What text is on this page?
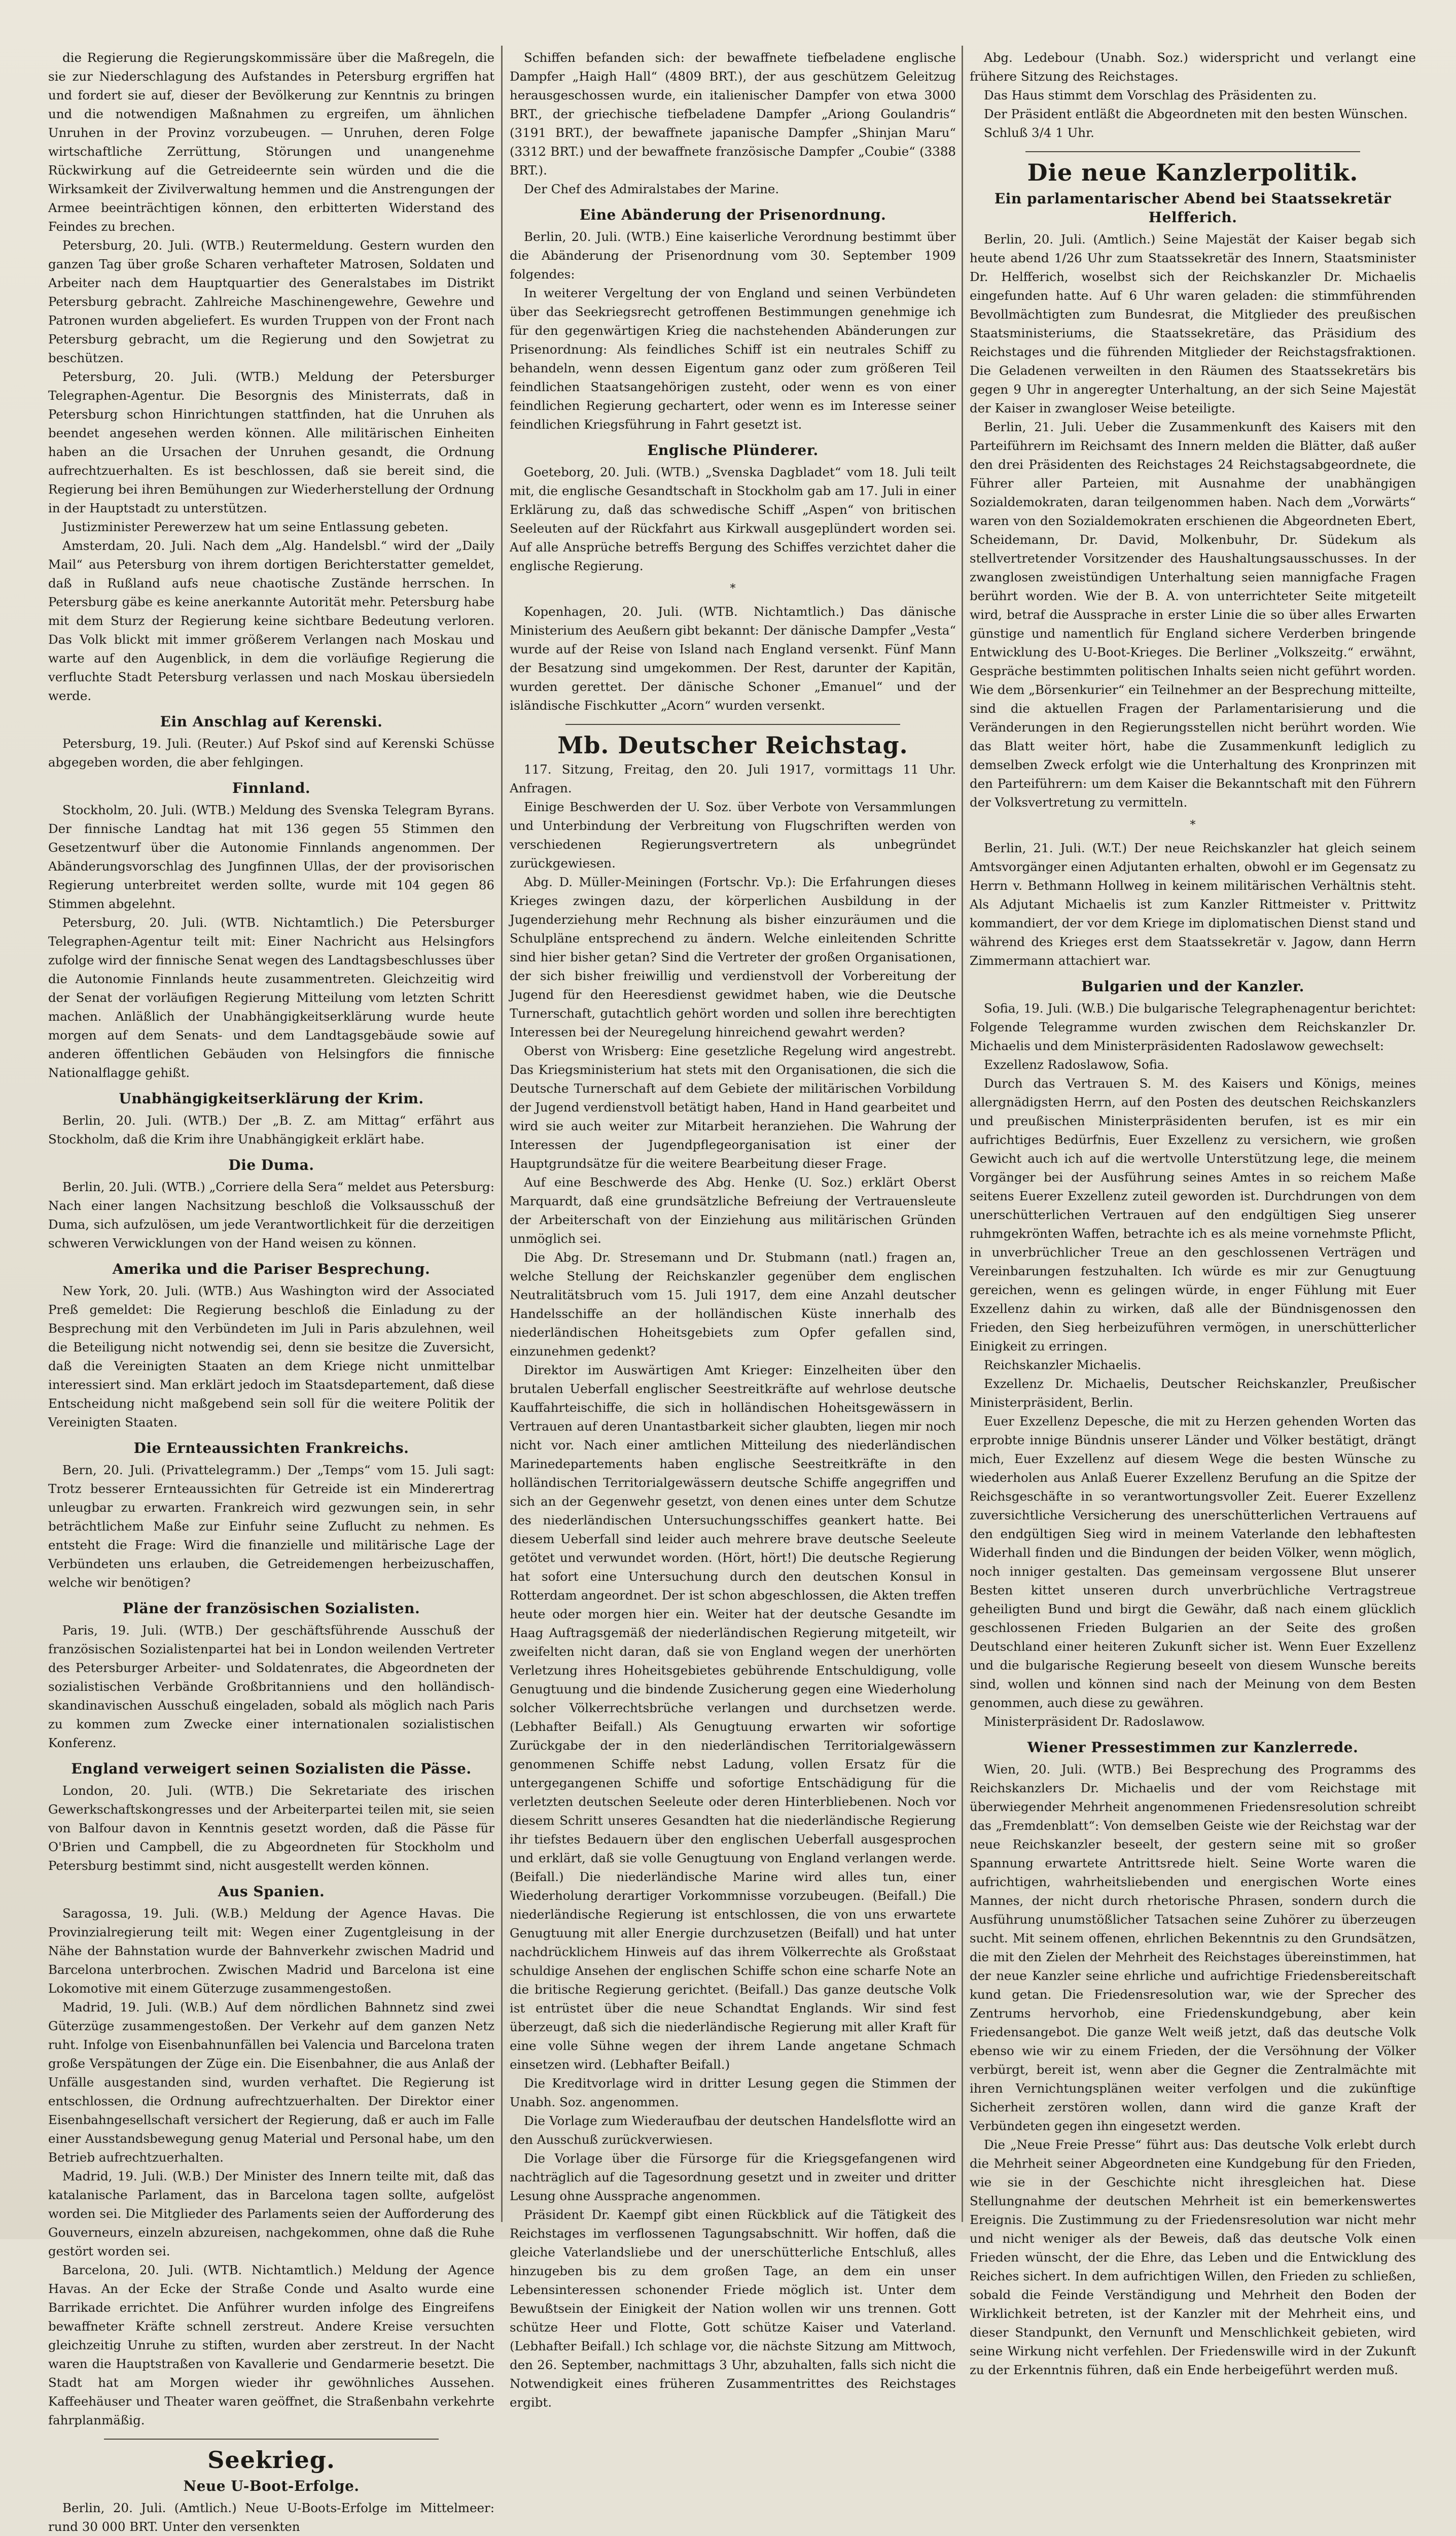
die Regierung die Regierungskommissäre über die Maßregeln, die sie zur Niederschlagung des Aufstandes in Petersburg ergriffen hat und fordert sie auf, dieser der Bevölkerung zur Kenntnis zu bringen und die notwendigen Maßnahmen zu ergreifen, um ähnlichen Unruhen in der Provinz vorzubeugen. — Unruhen, deren Folge wirtschaftliche Zerrüttung, Störungen und unangenehme Rückwirkung auf die Getreideernte sein würden und die die Wirksamkeit der Zivilverwaltung hemmen und die Anstrengungen der Armee beeinträchtigen können, den erbitterten Widerstand des Feindes zu brechen.

Petersburg, 20. Juli. (WTB.) Reutermeldung. Gestern wurden den ganzen Tag über große Scharen verhafteter Matrosen, Soldaten und Arbeiter nach dem Hauptquartier des Generalstabes im Distrikt Petersburg gebracht. Zahlreiche Maschinengewehre, Gewehre und Patronen wurden abgeliefert. Es wurden Truppen von der Front nach Petersburg gebracht, um die Regierung und den Sowjetrat zu beschützen.

Petersburg, 20. Juli. (WTB.) Meldung der Petersburger Telegraphen-Agentur. Die Besorgnis des Ministerrats, daß in Petersburg schon Hinrichtungen stattfinden, hat die Unruhen als beendet angesehen werden können. Alle militärischen Einheiten haben an die Ursachen der Unruhen gesandt, die Ordnung aufrechtzuerhalten. Es ist beschlossen, daß sie bereit sind, die Regierung bei ihren Bemühungen zur Wiederherstellung der Ordnung in der Hauptstadt zu unterstützen.

Justizminister Perewerzew hat um seine Entlassung gebeten.

Amsterdam, 20. Juli. Nach dem „Alg. Handelsbl.“ wird der „Daily Mail“ aus Petersburg von ihrem dortigen Berichterstatter gemeldet, daß in Rußland aufs neue chaotische Zustände herrschen. In Petersburg gäbe es keine anerkannte Autorität mehr. Petersburg habe mit dem Sturz der Regierung keine sichtbare Bedeutung verloren. Das Volk blickt mit immer größerem Verlangen nach Moskau und warte auf den Augenblick, in dem die vorläufige Regierung die verfluchte Stadt Petersburg verlassen und nach Moskau übersiedeln werde.

Ein Anschlag auf Kerenski.

Petersburg, 19. Juli. (Reuter.) Auf Pskof sind auf Kerenski Schüsse abgegeben worden, die aber fehlgingen.

Finnland.

Stockholm, 20. Juli. (WTB.) Meldung des Svenska Telegram Byrans. Der finnische Landtag hat mit 136 gegen 55 Stimmen den Gesetzentwurf über die Autonomie Finnlands angenommen. Der Abänderungsvorschlag des Jungfinnen Ullas, der der provisorischen Regierung unterbreitet werden sollte, wurde mit 104 gegen 86 Stimmen abgelehnt.

Petersburg, 20. Juli. (WTB. Nichtamtlich.) Die Petersburger Telegraphen-Agentur teilt mit: Einer Nachricht aus Helsingfors zufolge wird der finnische Senat wegen des Landtagsbeschlusses über die Autonomie Finnlands heute zusammentreten. Gleichzeitig wird der Senat der vorläufigen Regierung Mitteilung vom letzten Schritt machen. Anläßlich der Unabhängigkeitserklärung wurde heute morgen auf dem Senats- und dem Landtagsgebäude sowie auf anderen öffentlichen Gebäuden von Helsingfors die finnische Nationalflagge gehißt.

Unabhängigkeitserklärung der Krim.

Berlin, 20. Juli. (WTB.) Der „B. Z. am Mittag“ erfährt aus Stockholm, daß die Krim ihre Unabhängigkeit erklärt habe.

Die Duma.

Berlin, 20. Juli. (WTB.) „Corriere della Sera“ meldet aus Petersburg: Nach einer langen Nachsitzung beschloß die Volksausschuß der Duma, sich aufzulösen, um jede Verantwortlichkeit für die derzeitigen schweren Verwicklungen von der Hand weisen zu können.

Amerika und die Pariser Besprechung.

New York, 20. Juli. (WTB.) Aus Washington wird der Associated Preß gemeldet: Die Regierung beschloß die Einladung zu der Besprechung mit den Verbündeten im Juli in Paris abzulehnen, weil die Beteiligung nicht notwendig sei, denn sie besitze die Zuversicht, daß die Vereinigten Staaten an dem Kriege nicht unmittelbar interessiert sind. Man erklärt jedoch im Staatsdepartement, daß diese Entscheidung nicht maßgebend sein soll für die weitere Politik der Vereinigten Staaten.

Die Ernteaussichten Frankreichs.

Bern, 20. Juli. (Privattelegramm.) Der „Temps“ vom 15. Juli sagt: Trotz besserer Ernteaussichten für Getreide ist ein Minderertrag unleugbar zu erwarten. Frankreich wird gezwungen sein, in sehr beträchtlichem Maße zur Einfuhr seine Zuflucht zu nehmen. Es entsteht die Frage: Wird die finanzielle und militärische Lage der Verbündeten uns erlauben, die Getreidemengen herbeizuschaffen, welche wir benötigen?

Pläne der französischen Sozialisten.

Paris, 19. Juli. (WTB.) Der geschäftsführende Ausschuß der französischen Sozialistenpartei hat bei in London weilenden Vertreter des Petersburger Arbeiter- und Soldatenrates, die Abgeordneten der sozialistischen Verbände Großbritanniens und den holländisch-skandinavischen Ausschuß eingeladen, sobald als möglich nach Paris zu kommen zum Zwecke einer internationalen sozialistischen Konferenz.

England verweigert seinen Sozialisten die Pässe.

London, 20. Juli. (WTB.) Die Sekretariate des irischen Gewerkschaftskongresses und der Arbeiterpartei teilen mit, sie seien von Balfour davon in Kenntnis gesetzt worden, daß die Pässe für O'Brien und Campbell, die zu Abgeordneten für Stockholm und Petersburg bestimmt sind, nicht ausgestellt werden können.

Aus Spanien.

Saragossa, 19. Juli. (W.B.) Meldung der Agence Havas. Die Provinzialregierung teilt mit: Wegen einer Zugentgleisung in der Nähe der Bahnstation wurde der Bahnverkehr zwischen Madrid und Barcelona unterbrochen. Zwischen Madrid und Barcelona ist eine Lokomotive mit einem Güterzuge zusammengestoßen.

Madrid, 19. Juli. (W.B.) Auf dem nördlichen Bahnnetz sind zwei Güterzüge zusammengestoßen. Der Verkehr auf dem ganzen Netz ruht. Infolge von Eisenbahnunfällen bei Valencia und Barcelona traten große Verspätungen der Züge ein. Die Eisenbahner, die aus Anlaß der Unfälle ausgestanden sind, wurden verhaftet. Die Regierung ist entschlossen, die Ordnung aufrechtzuerhalten. Der Direktor einer Eisenbahngesellschaft versichert der Regierung, daß er auch im Falle einer Ausstandsbewegung genug Material und Personal habe, um den Betrieb aufrechtzuerhalten.

Madrid, 19. Juli. (W.B.) Der Minister des Innern teilte mit, daß das katalanische Parlament, das in Barcelona tagen sollte, aufgelöst worden sei. Die Mitglieder des Parlaments seien der Aufforderung des Gouverneurs, einzeln abzureisen, nachgekommen, ohne daß die Ruhe gestört worden sei.

Barcelona, 20. Juli. (WTB. Nichtamtlich.) Meldung der Agence Havas. An der Ecke der Straße Conde und Asalto wurde eine Barrikade errichtet. Die Anführer wurden infolge des Eingreifens bewaffneter Kräfte schnell zerstreut. Andere Kreise versuchten gleichzeitig Unruhe zu stiften, wurden aber zerstreut. In der Nacht waren die Hauptstraßen von Kavallerie und Gendarmerie besetzt. Die Stadt hat am Morgen wieder ihr gewöhnliches Aussehen. Kaffeehäuser und Theater waren geöffnet, die Straßenbahn verkehrte fahrplanmäßig.

Seekrieg.
Neue U-Boot-Erfolge.

Berlin, 20. Juli. (Amtlich.) Neue U-Boots-Erfolge im Mittelmeer: rund 30 000 BRT. Unter den versenkten

Schiffen befanden sich: der bewaffnete tiefbeladene englische Dampfer „Haigh Hall“ (4809 BRT.), der aus geschützem Geleitzug herausgeschossen wurde, ein italienischer Dampfer von etwa 3000 BRT., der griechische tiefbeladene Dampfer „Ariong Goulandris“ (3191 BRT.), der bewaffnete japanische Dampfer „Shinjan Maru“ (3312 BRT.) und der bewaffnete französische Dampfer „Coubie“ (3388 BRT.).

Der Chef des Admiralstabes der Marine.

Eine Abänderung der Prisenordnung.

Berlin, 20. Juli. (WTB.) Eine kaiserliche Verordnung bestimmt über die Abänderung der Prisenordnung vom 30. September 1909 folgendes:

In weiterer Vergeltung der von England und seinen Verbündeten über das Seekriegsrecht getroffenen Bestimmungen genehmige ich für den gegenwärtigen Krieg die nachstehenden Abänderungen zur Prisenordnung: Als feindliches Schiff ist ein neutrales Schiff zu behandeln, wenn dessen Eigentum ganz oder zum größeren Teil feindlichen Staatsangehörigen zusteht, oder wenn es von einer feindlichen Regierung gechartert, oder wenn es im Interesse seiner feindlichen Kriegsführung in Fahrt gesetzt ist.

Englische Plünderer.

Goeteborg, 20. Juli. (WTB.) „Svenska Dagbladet“ vom 18. Juli teilt mit, die englische Gesandtschaft in Stockholm gab am 17. Juli in einer Erklärung zu, daß das schwedische Schiff „Aspen“ von britischen Seeleuten auf der Rückfahrt aus Kirkwall ausgeplündert worden sei. Auf alle Ansprüche betreffs Bergung des Schiffes verzichtet daher die englische Regierung.

*

Kopenhagen, 20. Juli. (WTB. Nichtamtlich.) Das dänische Ministerium des Aeußern gibt bekannt: Der dänische Dampfer „Vesta“ wurde auf der Reise von Island nach England versenkt. Fünf Mann der Besatzung sind umgekommen. Der Rest, darunter der Kapitän, wurden gerettet. Der dänische Schoner „Emanuel“ und der isländische Fischkutter „Acorn“ wurden versenkt.

Mb. Deutscher Reichstag.

117. Sitzung, Freitag, den 20. Juli 1917, vormittags 11 Uhr. Anfragen.

Einige Beschwerden der U. Soz. über Verbote von Versammlungen und Unterbindung der Verbreitung von Flugschriften werden von verschiedenen Regierungsvertretern als unbegründet zurückgewiesen.

Abg. D. Müller-Meiningen (Fortschr. Vp.): Die Erfahrungen dieses Krieges zwingen dazu, der körperlichen Ausbildung in der Jugenderziehung mehr Rechnung als bisher einzuräumen und die Schulpläne entsprechend zu ändern. Welche einleitenden Schritte sind hier bisher getan? Sind die Vertreter der großen Organisationen, der sich bisher freiwillig und verdienstvoll der Vorbereitung der Jugend für den Heeresdienst gewidmet haben, wie die Deutsche Turnerschaft, gutachtlich gehört worden und sollen ihre berechtigten Interessen bei der Neuregelung hinreichend gewahrt werden?

Oberst von Wrisberg: Eine gesetzliche Regelung wird angestrebt. Das Kriegsministerium hat stets mit den Organisationen, die sich die Deutsche Turnerschaft auf dem Gebiete der militärischen Vorbildung der Jugend verdienstvoll betätigt haben, Hand in Hand gearbeitet und wird sie auch weiter zur Mitarbeit heranziehen. Die Wahrung der Interessen der Jugendpflegeorganisation ist einer der Hauptgrundsätze für die weitere Bearbeitung dieser Frage.

Auf eine Beschwerde des Abg. Henke (U. Soz.) erklärt Oberst Marquardt, daß eine grundsätzliche Befreiung der Vertrauensleute der Arbeiterschaft von der Einziehung aus militärischen Gründen unmöglich sei.

Die Abg. Dr. Stresemann und Dr. Stubmann (natl.) fragen an, welche Stellung der Reichskanzler gegenüber dem englischen Neutralitätsbruch vom 15. Juli 1917, dem eine Anzahl deutscher Handelsschiffe an der holländischen Küste innerhalb des niederländischen Hoheitsgebiets zum Opfer gefallen sind, einzunehmen gedenkt?

Direktor im Auswärtigen Amt Krieger: Einzelheiten über den brutalen Ueberfall englischer Seestreitkräfte auf wehrlose deutsche Kauffahrteischiffe, die sich in holländischen Hoheitsgewässern in Vertrauen auf deren Unantastbarkeit sicher glaubten, liegen mir noch nicht vor. Nach einer amtlichen Mitteilung des niederländischen Marinedepartements haben englische Seestreitkräfte in den holländischen Territorialgewässern deutsche Schiffe angegriffen und sich an der Gegenwehr gesetzt, von denen eines unter dem Schutze des niederländischen Untersuchungsschiffes geankert hatte. Bei diesem Ueberfall sind leider auch mehrere brave deutsche Seeleute getötet und verwundet worden. (Hört, hört!) Die deutsche Regierung hat sofort eine Untersuchung durch den deutschen Konsul in Rotterdam angeordnet. Der ist schon abgeschlossen, die Akten treffen heute oder morgen hier ein. Weiter hat der deutsche Gesandte im Haag Auftragsgemäß der niederländischen Regierung mitgeteilt, wir zweifelten nicht daran, daß sie von England wegen der unerhörten Verletzung ihres Hoheitsgebietes gebührende Entschuldigung, volle Genugtuung und die bindende Zusicherung gegen eine Wiederholung solcher Völkerrechtsbrüche verlangen und durchsetzen werde. (Lebhafter Beifall.) Als Genugtuung erwarten wir sofortige Zurückgabe der in den niederländischen Territorialgewässern genommenen Schiffe nebst Ladung, vollen Ersatz für die untergegangenen Schiffe und sofortige Entschädigung für die verletzten deutschen Seeleute oder deren Hinterbliebenen. Noch vor diesem Schritt unseres Gesandten hat die niederländische Regierung ihr tiefstes Bedauern über den englischen Ueberfall ausgesprochen und erklärt, daß sie volle Genugtuung von England verlangen werde. (Beifall.) Die niederländische Marine wird alles tun, einer Wiederholung derartiger Vorkommnisse vorzubeugen. (Beifall.) Die niederländische Regierung ist entschlossen, die von uns erwartete Genugtuung mit aller Energie durchzusetzen (Beifall) und hat unter nachdrücklichem Hinweis auf das ihrem Völkerrechte als Großstaat schuldige Ansehen der englischen Schiffe schon eine scharfe Note an die britische Regierung gerichtet. (Beifall.) Das ganze deutsche Volk ist entrüstet über die neue Schandtat Englands. Wir sind fest überzeugt, daß sich die niederländische Regierung mit aller Kraft für eine volle Sühne wegen der ihrem Lande angetane Schmach einsetzen wird. (Lebhafter Beifall.)

Die Kreditvorlage wird in dritter Lesung gegen die Stimmen der Unabh. Soz. angenommen.

Die Vorlage zum Wiederaufbau der deutschen Handelsflotte wird an den Ausschuß zurückverwiesen.

Die Vorlage über die Fürsorge für die Kriegsgefangenen wird nachträglich auf die Tagesordnung gesetzt und in zweiter und dritter Lesung ohne Aussprache angenommen.

Präsident Dr. Kaempf gibt einen Rückblick auf die Tätigkeit des Reichstages im verflossenen Tagungsabschnitt. Wir hoffen, daß die gleiche Vaterlandsliebe und der unerschütterliche Entschluß, alles hinzugeben bis zu dem großen Tage, an dem ein unser Lebensinteressen schonender Friede möglich ist. Unter dem Bewußtsein der Einigkeit der Nation wollen wir uns trennen. Gott schütze Heer und Flotte, Gott schütze Kaiser und Vaterland. (Lebhafter Beifall.) Ich schlage vor, die nächste Sitzung am Mittwoch, den 26. September, nachmittags 3 Uhr, abzuhalten, falls sich nicht die Notwendigkeit eines früheren Zusammentrittes des Reichstages ergibt.

Abg. Ledebour (Unabh. Soz.) widerspricht und verlangt eine frühere Sitzung des Reichstages.

Das Haus stimmt dem Vorschlag des Präsidenten zu.

Der Präsident entläßt die Abgeordneten mit den besten Wünschen.

Schluß 3/4 1 Uhr.

Die neue Kanzlerpolitik.
Ein parlamentarischer Abend bei Staatssekretär Helfferich.

Berlin, 20. Juli. (Amtlich.) Seine Majestät der Kaiser begab sich heute abend 1/26 Uhr zum Staatssekretär des Innern, Staatsminister Dr. Helfferich, woselbst sich der Reichskanzler Dr. Michaelis eingefunden hatte. Auf 6 Uhr waren geladen: die stimmführenden Bevollmächtigten zum Bundesrat, die Mitglieder des preußischen Staatsministeriums, die Staatssekretäre, das Präsidium des Reichstages und die führenden Mitglieder der Reichstagsfraktionen. Die Geladenen verweilten in den Räumen des Staatssekretärs bis gegen 9 Uhr in angeregter Unterhaltung, an der sich Seine Majestät der Kaiser in zwangloser Weise beteiligte.

Berlin, 21. Juli. Ueber die Zusammenkunft des Kaisers mit den Parteiführern im Reichsamt des Innern melden die Blätter, daß außer den drei Präsidenten des Reichstages 24 Reichstagsabgeordnete, die Führer aller Parteien, mit Ausnahme der unabhängigen Sozialdemokraten, daran teilgenommen haben. Nach dem „Vorwärts“ waren von den Sozialdemokraten erschienen die Abgeordneten Ebert, Scheidemann, Dr. David, Molkenbuhr, Dr. Südekum als stellvertretender Vorsitzender des Haushaltungsausschusses. In der zwanglosen zweistündigen Unterhaltung seien mannigfache Fragen berührt worden. Wie der B. A. von unterrichteter Seite mitgeteilt wird, betraf die Aussprache in erster Linie die so über alles Erwarten günstige und namentlich für England sichere Verderben bringende Entwicklung des U-Boot-Krieges. Die Berliner „Volkszeitg.“ erwähnt, Gespräche bestimmten politischen Inhalts seien nicht geführt worden. Wie dem „Börsenkurier“ ein Teilnehmer an der Besprechung mitteilte, sind die aktuellen Fragen der Parlamentarisierung und die Veränderungen in den Regierungsstellen nicht berührt worden. Wie das Blatt weiter hört, habe die Zusammenkunft lediglich zu demselben Zweck erfolgt wie die Unterhaltung des Kronprinzen mit den Parteiführern: um dem Kaiser die Bekanntschaft mit den Führern der Volksvertretung zu vermitteln.

*

Berlin, 21. Juli. (W.T.) Der neue Reichskanzler hat gleich seinem Amtsvorgänger einen Adjutanten erhalten, obwohl er im Gegensatz zu Herrn v. Bethmann Hollweg in keinem militärischen Verhältnis steht. Als Adjutant Michaelis ist zum Kanzler Rittmeister v. Prittwitz kommandiert, der vor dem Kriege im diplomatischen Dienst stand und während des Krieges erst dem Staatssekretär v. Jagow, dann Herrn Zimmermann attachiert war.

Bulgarien und der Kanzler.

Sofia, 19. Juli. (W.B.) Die bulgarische Telegraphenagentur berichtet: Folgende Telegramme wurden zwischen dem Reichskanzler Dr. Michaelis und dem Ministerpräsidenten Radoslawow gewechselt:

Exzellenz Radoslawow, Sofia.

Durch das Vertrauen S. M. des Kaisers und Königs, meines allergnädigsten Herrn, auf den Posten des deutschen Reichskanzlers und preußischen Ministerpräsidenten berufen, ist es mir ein aufrichtiges Bedürfnis, Euer Exzellenz zu versichern, wie großen Gewicht auch ich auf die wertvolle Unterstützung lege, die meinem Vorgänger bei der Ausführung seines Amtes in so reichem Maße seitens Euerer Exzellenz zuteil geworden ist. Durchdrungen von dem unerschütterlichen Vertrauen auf den endgültigen Sieg unserer ruhmgekrönten Waffen, betrachte ich es als meine vornehmste Pflicht, in unverbrüchlicher Treue an den geschlossenen Verträgen und Vereinbarungen festzuhalten. Ich würde es mir zur Genugtuung gereichen, wenn es gelingen würde, in enger Fühlung mit Euer Exzellenz dahin zu wirken, daß alle der Bündnisgenossen den Frieden, den Sieg herbeizuführen vermögen, in unerschütterlicher Einigkeit zu erringen.

Reichskanzler Michaelis.

Exzellenz Dr. Michaelis, Deutscher Reichskanzler, Preußischer Ministerpräsident, Berlin.

Euer Exzellenz Depesche, die mit zu Herzen gehenden Worten das erprobte innige Bündnis unserer Länder und Völker bestätigt, drängt mich, Euer Exzellenz auf diesem Wege die besten Wünsche zu wiederholen aus Anlaß Euerer Exzellenz Berufung an die Spitze der Reichsgeschäfte in so verantwortungsvoller Zeit. Euerer Exzellenz zuversichtliche Versicherung des unerschütterlichen Vertrauens auf den endgültigen Sieg wird in meinem Vaterlande den lebhaftesten Widerhall finden und die Bindungen der beiden Völker, wenn möglich, noch inniger gestalten. Das gemeinsam vergossene Blut unserer Besten kittet unseren durch unverbrüchliche Vertragstreue geheiligten Bund und birgt die Gewähr, daß nach einem glücklich geschlossenen Frieden Bulgarien an der Seite des großen Deutschland einer heiteren Zukunft sicher ist. Wenn Euer Exzellenz und die bulgarische Regierung beseelt von diesem Wunsche bereits sind, wollen und können sind nach der Meinung von dem Besten genommen, auch diese zu gewähren.

Ministerpräsident Dr. Radoslawow.

Wiener Pressestimmen zur Kanzlerrede.

Wien, 20. Juli. (WTB.) Bei Besprechung des Programms des Reichskanzlers Dr. Michaelis und der vom Reichstage mit überwiegender Mehrheit angenommenen Friedensresolution schreibt das „Fremdenblatt“: Von demselben Geiste wie der Reichstag war der neue Reichskanzler beseelt, der gestern seine mit so großer Spannung erwartete Antrittsrede hielt. Seine Worte waren die aufrichtigen, wahrheitsliebenden und energischen Worte eines Mannes, der nicht durch rhetorische Phrasen, sondern durch die Ausführung unumstößlicher Tatsachen seine Zuhörer zu überzeugen sucht. Mit seinem offenen, ehrlichen Bekenntnis zu den Grundsätzen, die mit den Zielen der Mehrheit des Reichstages übereinstimmen, hat der neue Kanzler seine ehrliche und aufrichtige Friedensbereitschaft kund getan. Die Friedensresolution war, wie der Sprecher des Zentrums hervorhob, eine Friedenskundgebung, aber kein Friedensangebot. Die ganze Welt weiß jetzt, daß das deutsche Volk ebenso wie wir zu einem Frieden, der die Versöhnung der Völker verbürgt, bereit ist, wenn aber die Gegner die Zentralmächte mit ihren Vernichtungsplänen weiter verfolgen und die zukünftige Sicherheit zerstören wollen, dann wird die ganze Kraft der Verbündeten gegen ihn eingesetzt werden.

Die „Neue Freie Presse“ führt aus: Das deutsche Volk erlebt durch die Mehrheit seiner Abgeordneten eine Kundgebung für den Frieden, wie sie in der Geschichte nicht ihresgleichen hat. Diese Stellungnahme der deutschen Mehrheit ist ein bemerkenswertes Ereignis. Die Zustimmung zu der Friedensresolution war nicht mehr und nicht weniger als der Beweis, daß das deutsche Volk einen Frieden wünscht, der die Ehre, das Leben und die Entwicklung des Reiches sichert. In dem aufrichtigen Willen, den Frieden zu schließen, sobald die Feinde Verständigung und Mehrheit den Boden der Wirklichkeit betreten, ist der Kanzler mit der Mehrheit eins, und dieser Standpunkt, den Vernunft und Menschlichkeit gebieten, wird seine Wirkung nicht verfehlen. Der Friedenswille wird in der Zukunft zu der Erkenntnis führen, daß ein Ende herbeigeführt werden muß.
